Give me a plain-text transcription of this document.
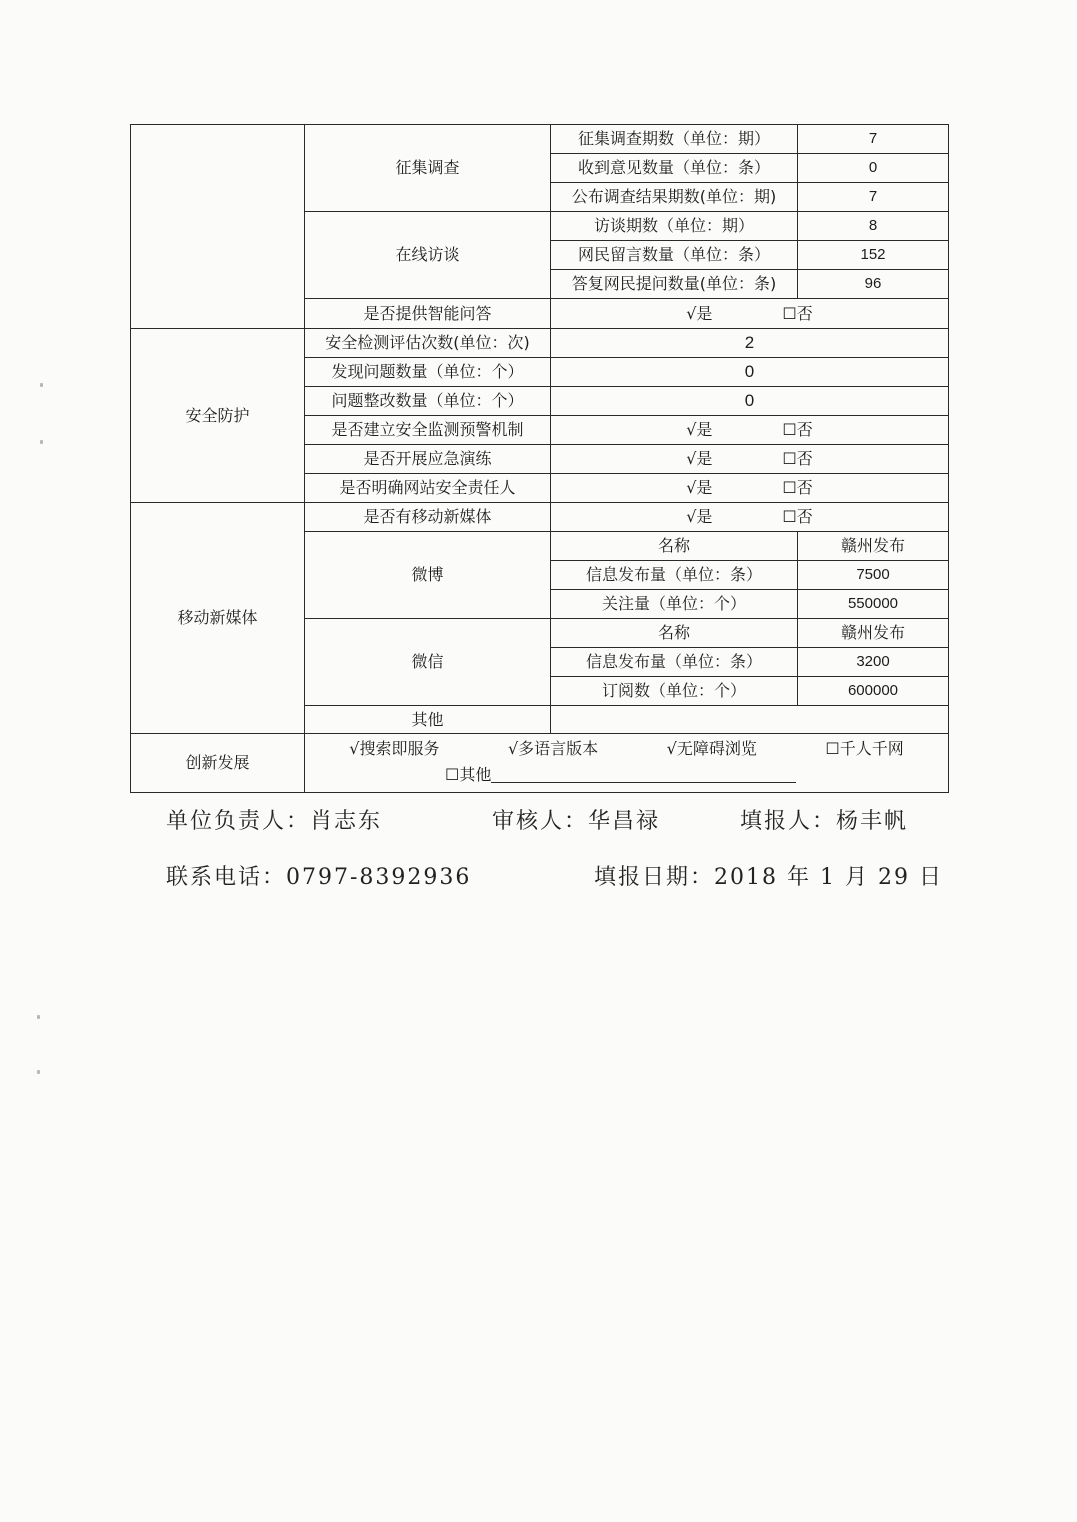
	征集调查	征集调查期数（单位：期）	7
		收到意见数量（单位：条）	0
		公布调查结果期数(单位：期)	7
	在线访谈	访谈期数（单位：期）	8
		网民留言数量（单位：条）	152
		答复网民提问数量(单位：条)	96
	是否提供智能问答	√是 ☐否	
安全防护	安全检测评估次数(单位：次)	2	
	发现问题数量（单位：个）	0	
	问题整改数量（单位：个）	0	
	是否建立安全监测预警机制	√是 ☐否	
	是否开展应急演练	√是 ☐否	
	是否明确网站安全责任人	√是 ☐否	
移动新媒体	是否有移动新媒体	√是 ☐否	
	微博	名称	赣州发布
		信息发布量（单位：条）	7500
		关注量（单位：个）	550000
	微信	名称	赣州发布
		信息发布量（单位：条）	3200
		订阅数（单位：个）	600000
	其他		
创新发展	√搜索即服务 √多语言版本 √无障碍浏览 ☐千人千网
☐其他		
单位负责人：肖志东	审核人：华昌禄	填报人：杨丰帆
联系电话：0797-8392936	填报日期：2018 年 1 月 29 日
